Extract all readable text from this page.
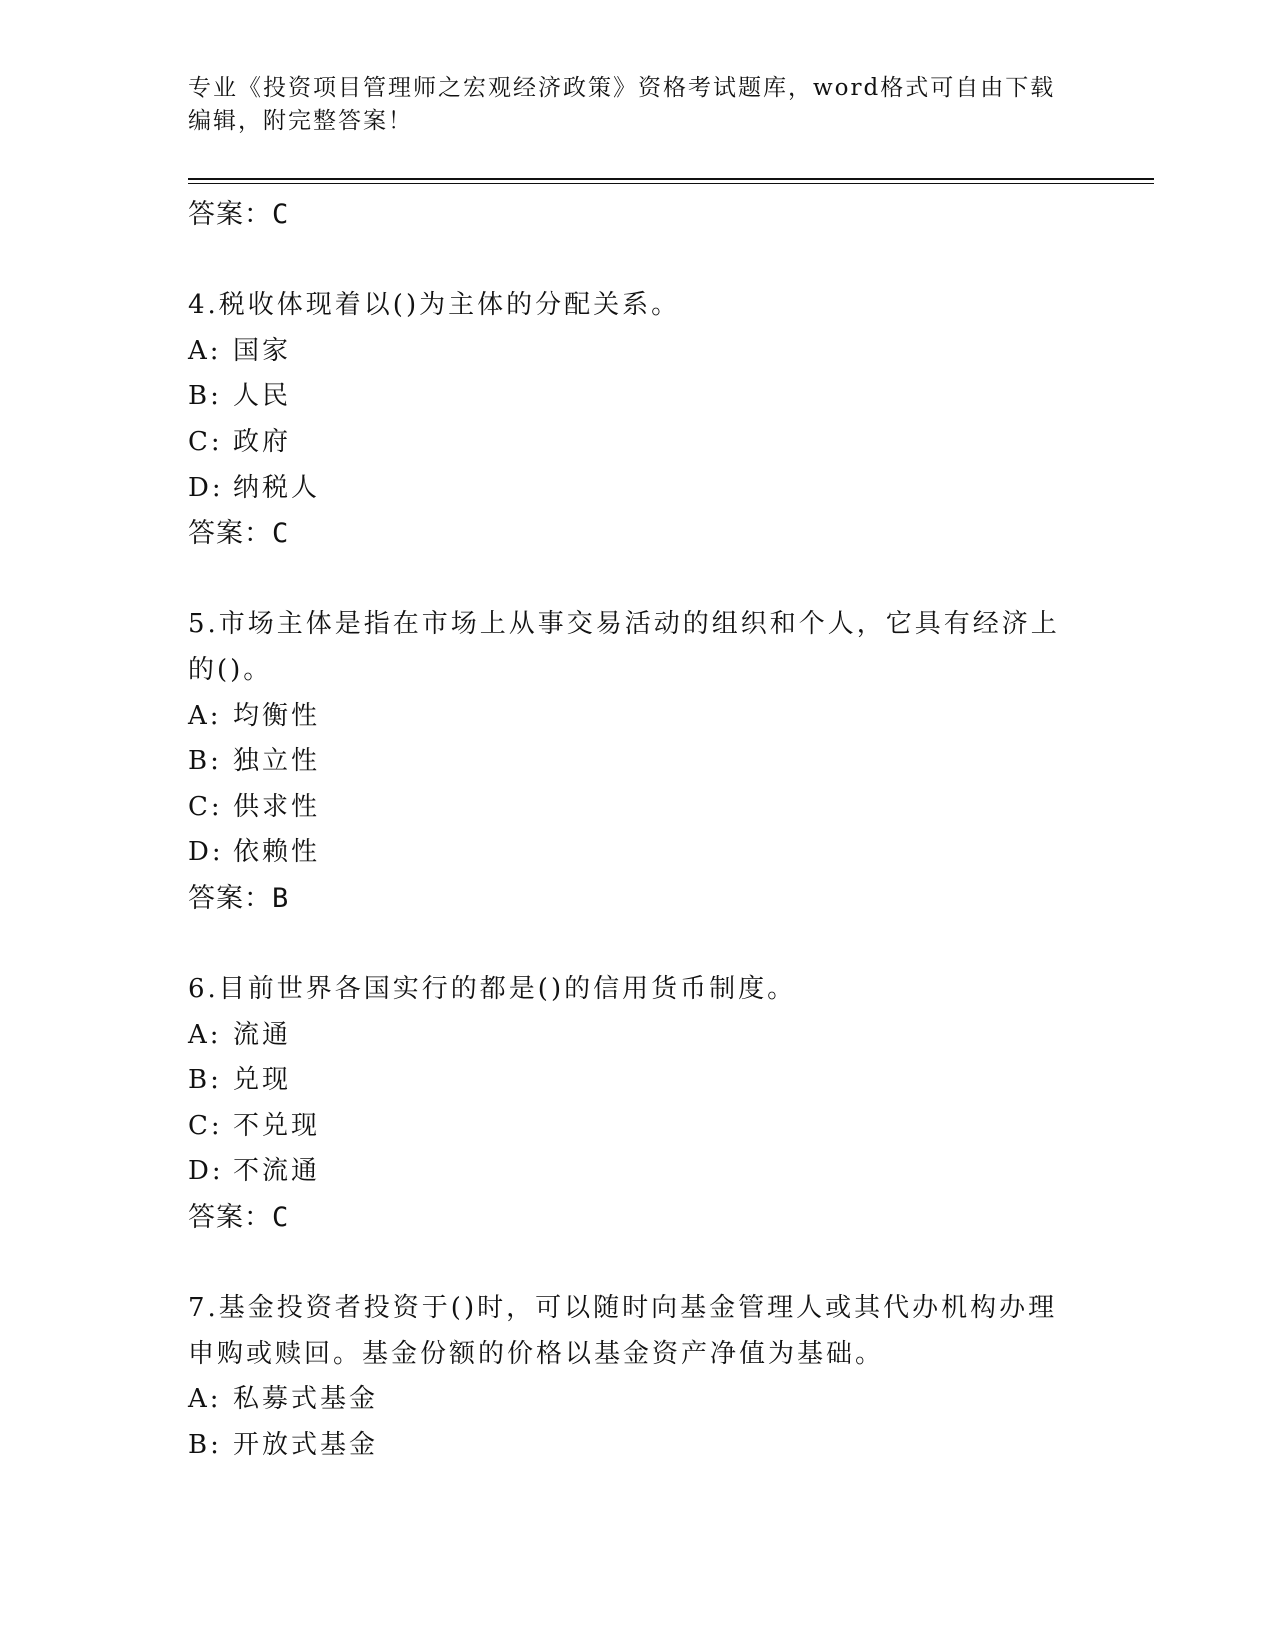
专业《投资项目管理师之宏观经济政策》资格考试题库，word格式可自由下载编辑，附完整答案！
答案：C
4.税收体现着以()为主体的分配关系。
A: 国家
B: 人民
C: 政府
D: 纳税人
答案：C
5.市场主体是指在市场上从事交易活动的组织和个人，它具有经济上的()。
A: 均衡性
B: 独立性
C: 供求性
D: 依赖性
答案：B
6.目前世界各国实行的都是()的信用货币制度。
A: 流通
B: 兑现
C: 不兑现
D: 不流通
答案：C
7.基金投资者投资于()时，可以随时向基金管理人或其代办机构办理申购或赎回。基金份额的价格以基金资产净值为基础。
A: 私募式基金
B: 开放式基金
